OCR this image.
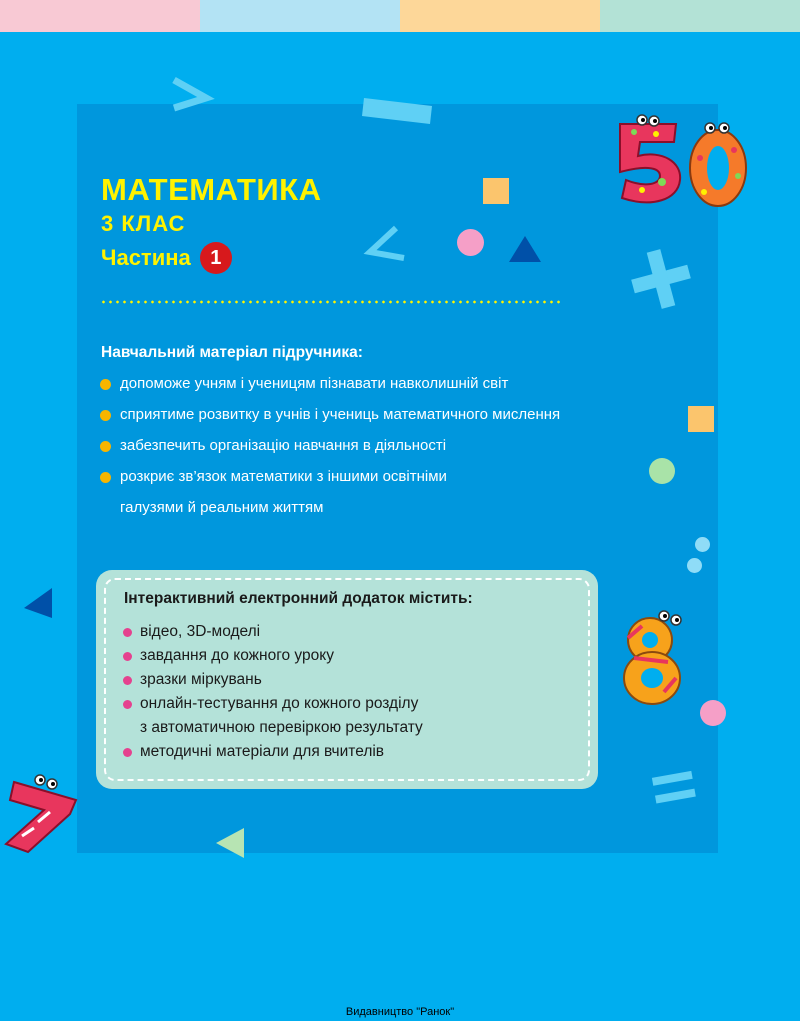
МАТЕМАТИКА
3 КЛАС
Частина 1
Навчальний матеріал підручника:
допоможе учням і ученицям пізнавати навколишній світ
сприятиме розвитку в учнів і учениць математичного мислення
забезпечить організацію навчання в діяльності
розкриє зв’язок математики з іншими освітніми
галузями й реальним життям
Інтерактивний електронний додаток містить:
відео, 3D-моделі
завдання до кожного уроку
зразки міркувань
онлайн-тестування до кожного розділу
з автоматичною перевіркою результату
методичні матеріали для вчителів
Видавництво "Ранок"
